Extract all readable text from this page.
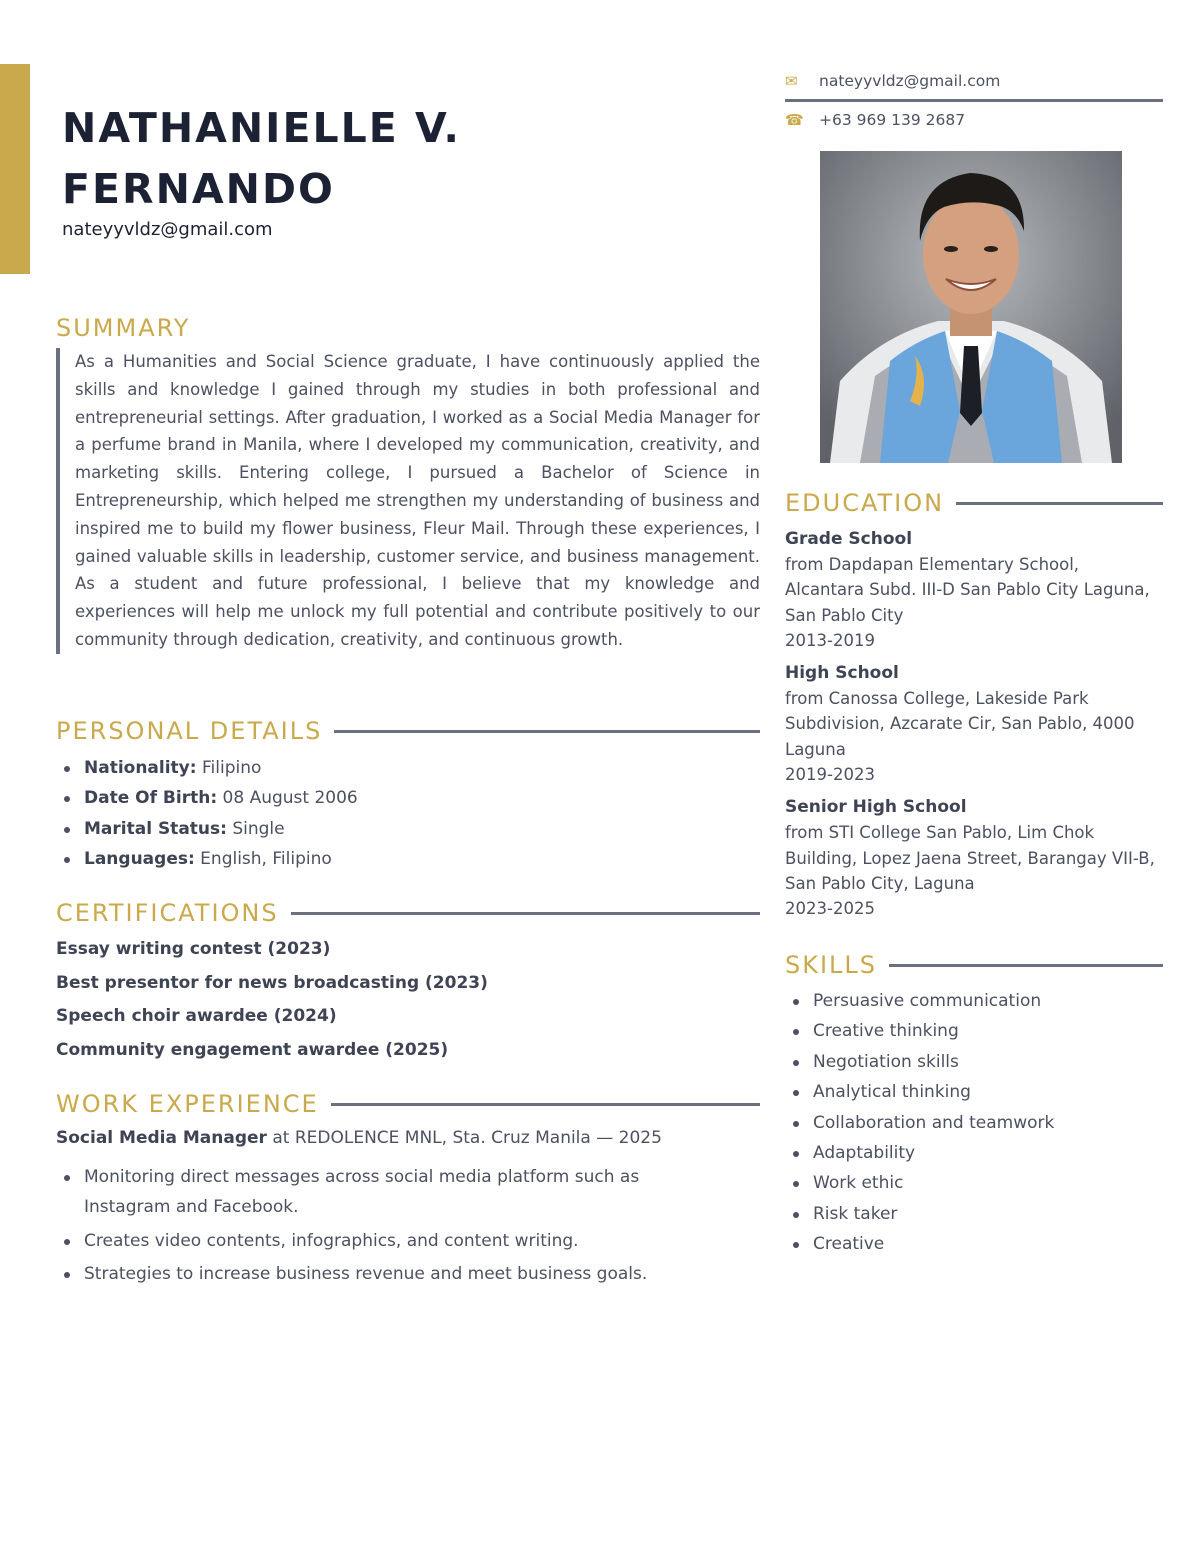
NATHANIELLE V.
FERNANDO
nateyyvldz@gmail.com
SUMMARY

As a Humanities and Social Science graduate, I have continuously applied the skills and knowledge I gained through my studies in both professional and entrepreneurial settings. After graduation, I worked as a Social Media Manager for a perfume brand in Manila, where I developed my communication, creativity, and marketing skills. Entering college, I pursued a Bachelor of Science in Entrepreneurship, which helped me strengthen my understanding of business and inspired me to build my flower business, Fleur Mail. Through these experiences, I gained valuable skills in leadership, customer service, and business management. As a student and future professional, I believe that my knowledge and experiences will help me unlock my full potential and contribute positively to our community through dedication, creativity, and continuous growth.

PERSONAL DETAILS
Nationality: Filipino
Date Of Birth: 08 August 2006
Marital Status: Single
Languages: English, Filipino
CERTIFICATIONS
Essay writing contest (2023)
Best presentor for news broadcasting (2023)
Speech choir awardee (2024)
Community engagement awardee (2025)
WORK EXPERIENCE
Social Media Manager at REDOLENCE MNL, Sta. Cruz Manila — 2025
Monitoring direct messages across social media platform such as Instagram and Facebook.
Creates video contents, infographics, and content writing.
Strategies to increase business revenue and meet business goals.
✉	nateyyvldz@gmail.com
☎ +63 969 139 2687
EDUCATION
Grade School
from Dapdapan Elementary School,
Alcantara Subd. III-D San Pablo City Laguna,
San Pablo City
2013-2019
High School
from Canossa College, Lakeside Park
Subdivision, Azcarate Cir, San Pablo, 4000
Laguna
2019-2023
Senior High School
from STI College San Pablo, Lim Chok
Building, Lopez Jaena Street, Barangay VII-B,
San Pablo City, Laguna
2023-2025
SKILLS
Persuasive communication
Creative thinking
Negotiation skills
Analytical thinking
Collaboration and teamwork
Adaptability
Work ethic
Risk taker
Creative
